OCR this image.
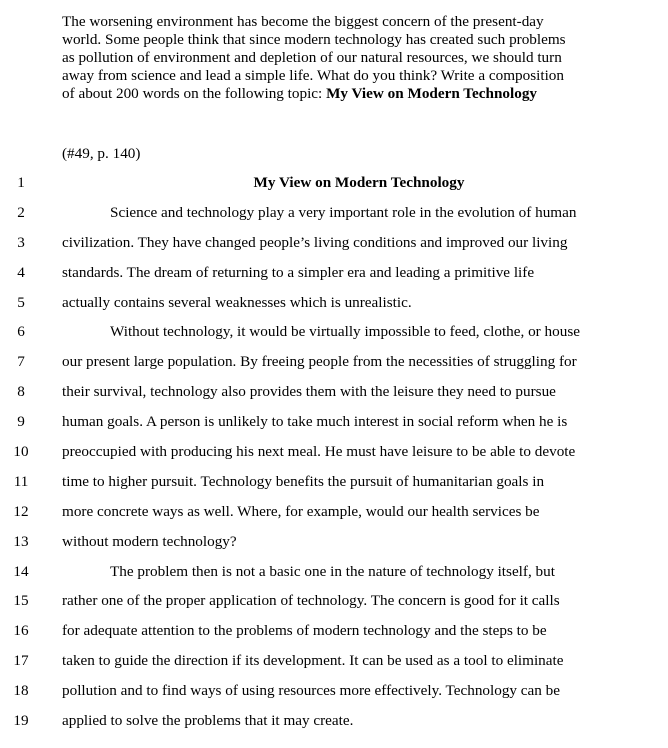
The worsening environment has become the biggest concern of the present-day
world. Some people think that since modern technology has created such problems
as pollution of environment and depletion of our natural resources, we should turn
away from science and lead a simple life. What do you think? Write a composition
of about 200 words on the following topic: My View on Modern Technology
(#49, p. 140)
1	My View on Modern Technology
2	Science and technology play a very important role in the evolution of human
3	civilization. They have changed people’s living conditions and improved our living
4	standards. The dream of returning to a simpler era and leading a primitive life
5	actually contains several weaknesses which is unrealistic.
6	Without technology, it would be virtually impossible to feed, clothe, or house
7	our present large population. By freeing people from the necessities of struggling for
8	their survival, technology also provides them with the leisure they need to pursue
9	human goals. A person is unlikely to take much interest in social reform when he is
10	preoccupied with producing his next meal. He must have leisure to be able to devote
11	time to higher pursuit. Technology benefits the pursuit of humanitarian goals in
12	more concrete ways as well. Where, for example, would our health services be
13	without modern technology?
14	The problem then is not a basic one in the nature of technology itself, but
15	rather one of the proper application of technology. The concern is good for it calls
16	for adequate attention to the problems of modern technology and the steps to be
17	taken to guide the direction if its development. It can be used as a tool to eliminate
18	pollution and to find ways of using resources more effectively. Technology can be
19	applied to solve the problems that it may create.
